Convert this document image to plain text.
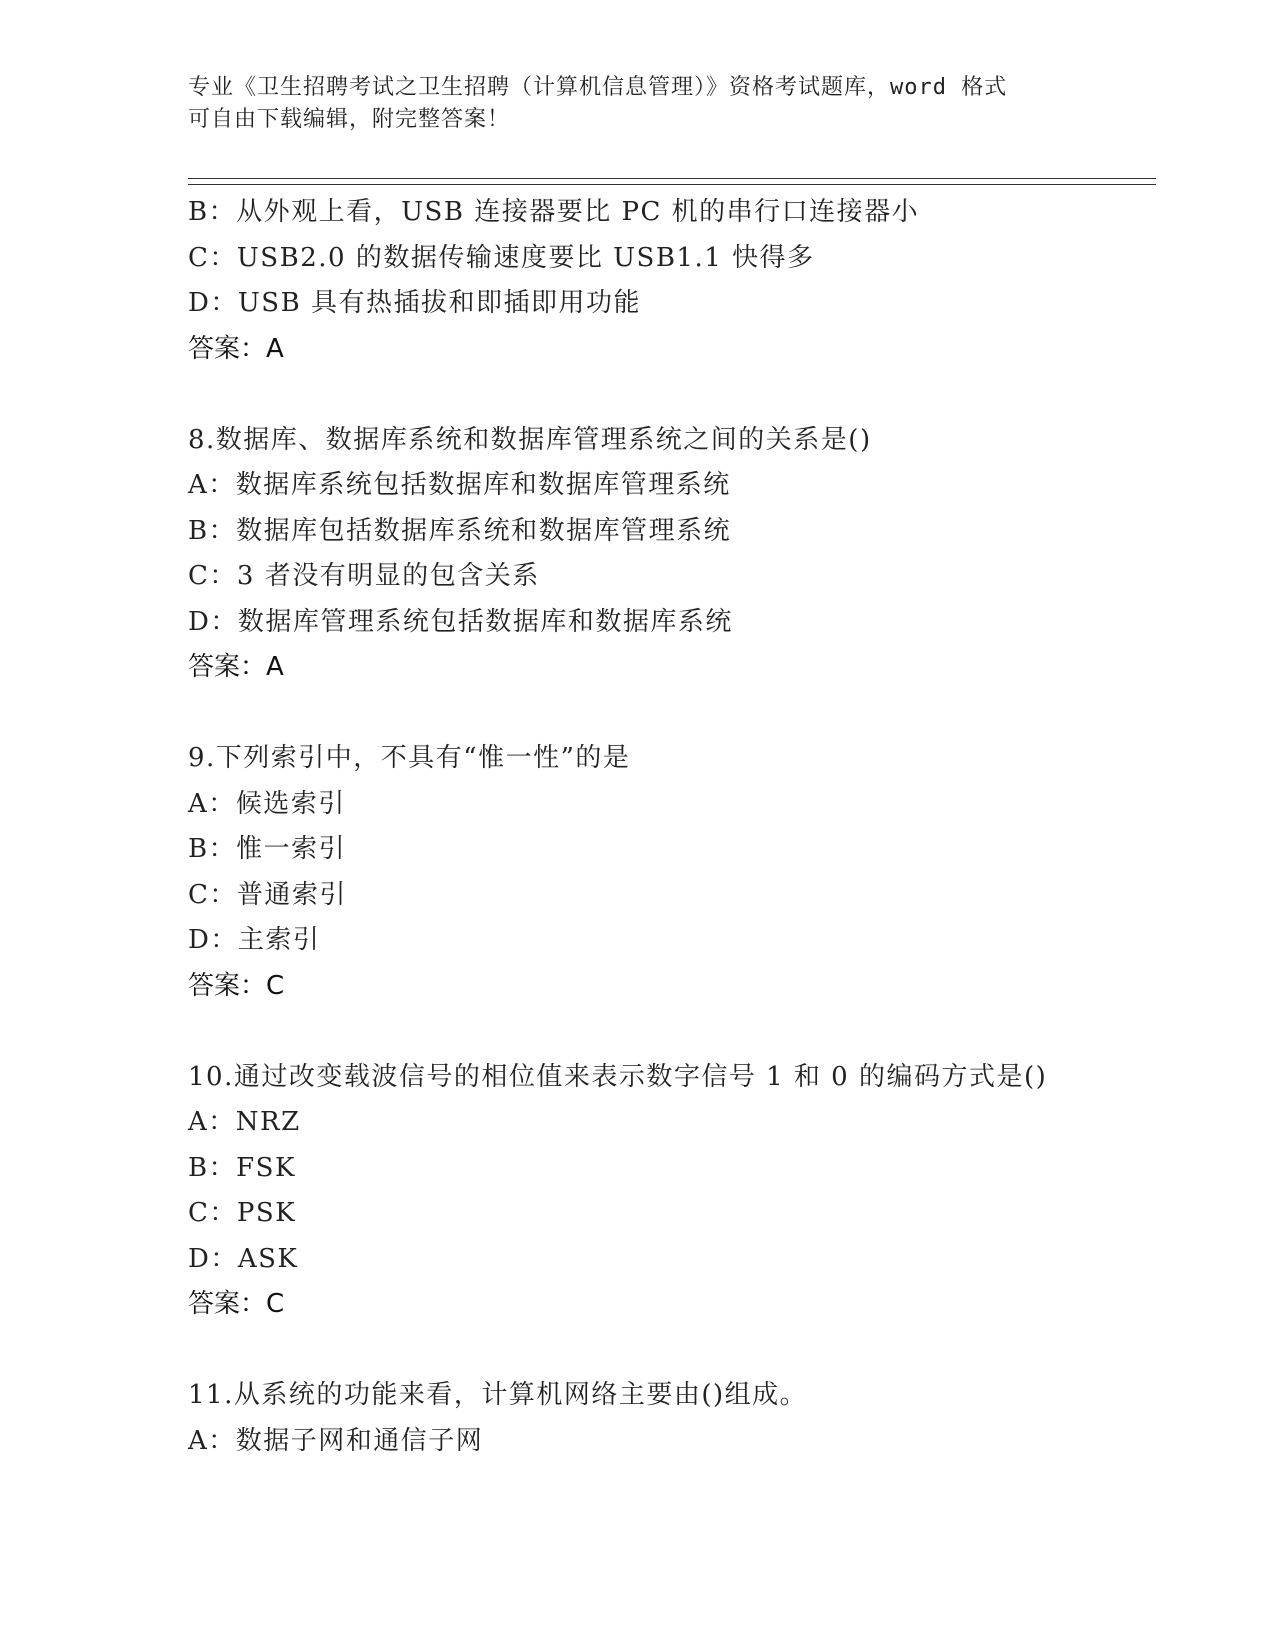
专业《卫生招聘考试之卫生招聘（计算机信息管理）》资格考试题库，word 格式
可自由下载编辑，附完整答案！
B：从外观上看，USB 连接器要比 PC 机的串行口连接器小
C：USB2.0 的数据传输速度要比 USB1.1 快得多
D：USB 具有热插拔和即插即用功能
答案：A
8.数据库、数据库系统和数据库管理系统之间的关系是()
A：数据库系统包括数据库和数据库管理系统
B：数据库包括数据库系统和数据库管理系统
C：3 者没有明显的包含关系
D：数据库管理系统包括数据库和数据库系统
答案：A
9.下列索引中，不具有“惟一性”的是
A：候选索引
B：惟一索引
C：普通索引
D：主索引
答案：C
10.通过改变载波信号的相位值来表示数字信号 1 和 0 的编码方式是()
A：NRZ
B：FSK
C：PSK
D：ASK
答案：C
11.从系统的功能来看，计算机网络主要由()组成。
A：数据子网和通信子网
